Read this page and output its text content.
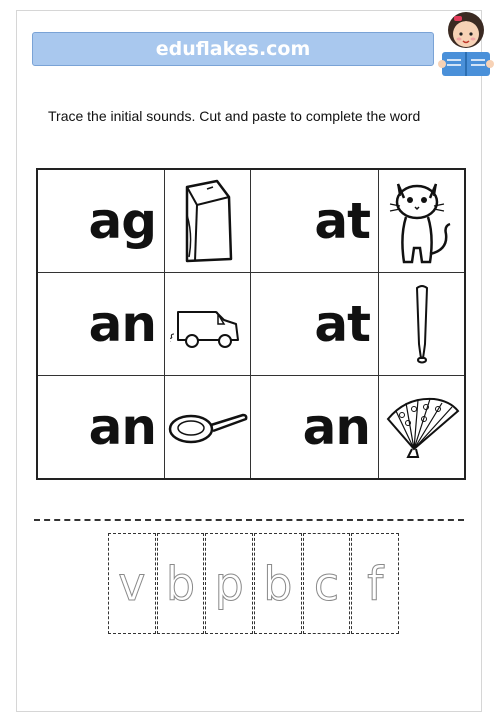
eduflakes.com
Trace the initial sounds. Cut and paste to complete the word
ag	at
an	at
an	an
v b p b c f
